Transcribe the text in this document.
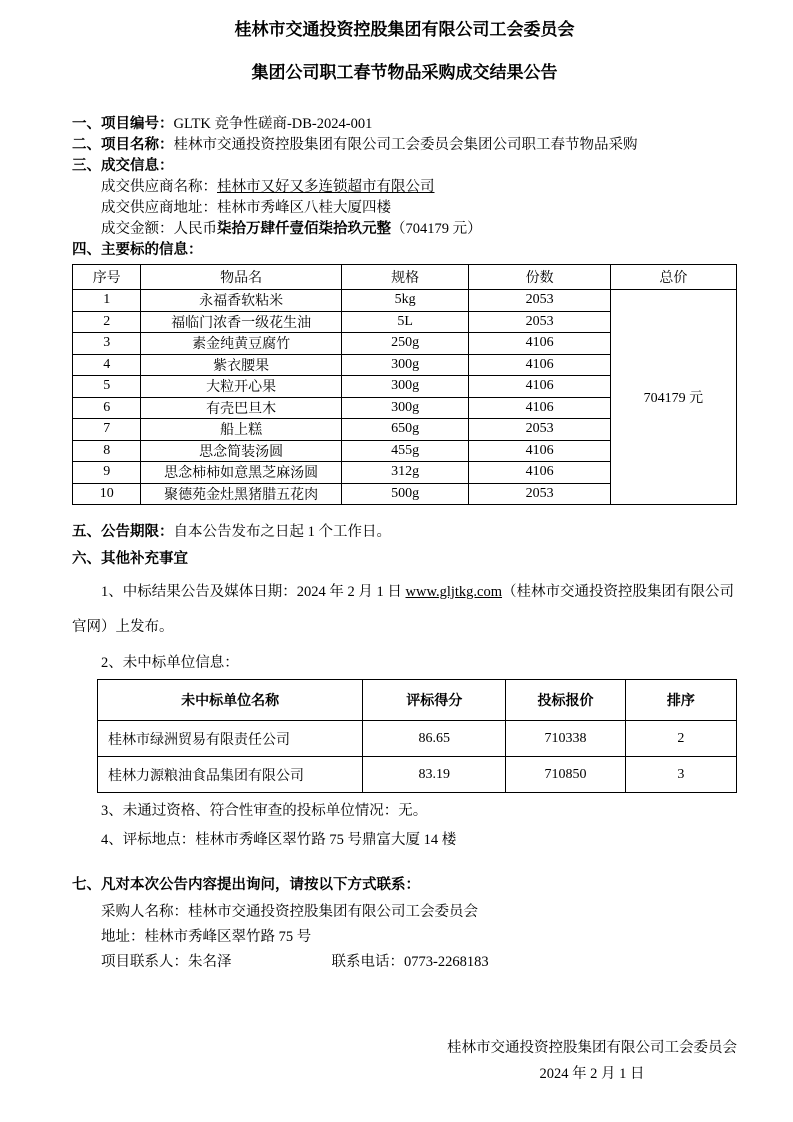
桂林市交通投资控股集团有限公司工会委员会
集团公司职工春节物品采购成交结果公告
一、项目编号：GLTK 竞争性磋商-DB-2024-001
二、项目名称：桂林市交通投资控股集团有限公司工会委员会集团公司职工春节物品采购
三、成交信息：
成交供应商名称：桂林市又好又多连锁超市有限公司
成交供应商地址：桂林市秀峰区八桂大厦四楼
成交金额：人民币柒拾万肆仟壹佰柒拾玖元整（704179 元）
四、主要标的信息：
序号	物品名	规格	份数	总价
1	永福香软粘米	5kg	2053	704179 元
2	福临门浓香一级花生油	5L	2053	
3	素金纯黄豆腐竹	250g	4106	
4	紫衣腰果	300g	4106	
5	大粒开心果	300g	4106	
6	有壳巴旦木	300g	4106	
7	船上糕	650g	2053	
8	思念简装汤圆	455g	4106	
9	思念柿柿如意黑芝麻汤圆	312g	4106	
10	聚德苑金灶黑猪腊五花肉	500g	2053	
五、公告期限：自本公告发布之日起 1 个工作日。
六、其他补充事宜
1、中标结果公告及媒体日期：2024 年 2 月 1 日 www.gljtkg.com（桂林市交通投资控股集团有限公司官网）上发布。
2、未中标单位信息：
未中标单位名称	评标得分	投标报价	排序
桂林市绿洲贸易有限责任公司	86.65	710338	2
桂林力源粮油食品集团有限公司	83.19	710850	3
3、未通过资格、符合性审查的投标单位情况：无。
4、评标地点：桂林市秀峰区翠竹路 75 号鼎富大厦 14 楼
七、凡对本次公告内容提出询问，请按以下方式联系：
采购人名称：桂林市交通投资控股集团有限公司工会委员会
地址：桂林市秀峰区翠竹路 75 号
项目联系人：朱名泽	联系电话：0773-2268183
桂林市交通投资控股集团有限公司工会委员会
2024 年 2 月 1 日
